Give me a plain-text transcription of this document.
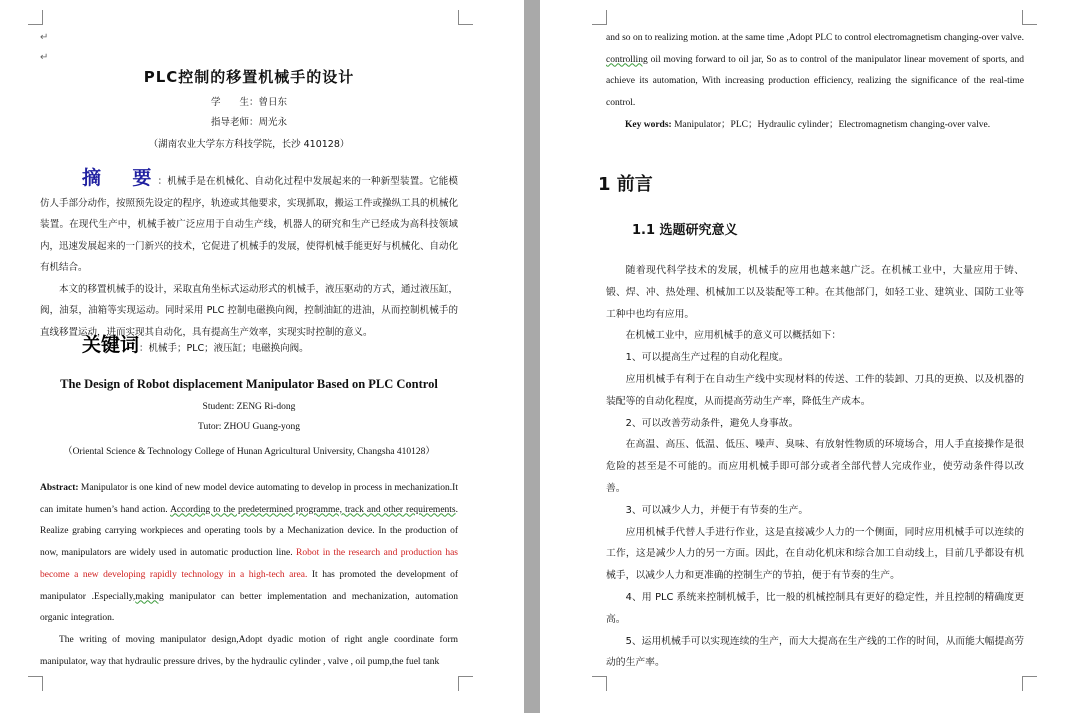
↵
↵
PLC控制的移置机械手的设计
学　　生：曾日东
指导老师：周光永
（湖南农业大学东方科技学院，长沙 410128）

摘　要：机械手是在机械化、自动化过程中发展起来的一种新型装置。它能模仿人手部分动作，按照预先设定的程序，轨迹或其他要求，实现抓取，搬运工件或操纵工具的机械化装置。在现代生产中，机械手被广泛应用于自动生产线，机器人的研究和生产已经成为高科技领域内，迅速发展起来的一门新兴的技术，它促进了机械手的发展，使得机械手能更好与机械化、自动化有机结合。

本文的移置机械手的设计，采取直角坐标式运动形式的机械手，液压驱动的方式，通过液压缸，阀，油泵，油箱等实现运动。同时采用 PLC 控制电磁换向阀，控制油缸的进油，从而控制机械手的直线移置运动，进而实现其自动化，具有提高生产效率，实现实时控制的意义。

关键词：机械手；PLC；液压缸；电磁换向阀。
The Design of Robot displacement Manipulator Based on PLC Control
Student: ZENG Ri-dong
Tutor: ZHOU Guang-yong
（Oriental Science & Technology College of Hunan Agricultural University, Changsha 410128）

Abstract: Manipulator is one kind of new model device automating to develop in process in mechanization.It can imitate humen’s hand action. According to the predetermined programme, track and other requirements. Realize grabing carrying workpieces and operating tools by a Mechanization device. In the production of now, manipulators are widely used in automatic production line. Robot in the research and production has become a new developing rapidly technology in a high-tech area. It has promoted the development of manipulator .Especially,making manipulator can better implementation and mechanization, automation organic integration.

The writing of moving manipulator design,Adopt dyadic motion of right angle coordinate form manipulator, way that hydraulic pressure drives, by the hydraulic cylinder , valve , oil pump,the fuel tank

and so on to realizing motion. at the same time ,Adopt PLC to control electromagnetism changing-over valve. controlling oil moving forward to oil jar, So as to control of the manipulator linear movement of sports, and achieve its automation, With increasing production efficiency, realizing the significance of the real-time control.

Key words: Manipulator；PLC；Hydraulic cylinder；Electromagnetism changing-over valve.

1 前言
1.1 选题研究意义

随着现代科学技术的发展，机械手的应用也越来越广泛。在机械工业中，大量应用于铸、锻、焊、冲、热处理、机械加工以及装配等工种。在其他部门，如轻工业、建筑业、国防工业等工种中也均有应用。

在机械工业中，应用机械手的意义可以概括如下：

1、可以提高生产过程的自动化程度。

应用机械手有利于在自动生产线中实现材料的传送、工件的装卸、刀具的更换、以及机器的装配等的自动化程度，从而提高劳动生产率，降低生产成本。

2、可以改善劳动条件，避免人身事故。

在高温、高压、低温、低压、噪声、臭味、有放射性物质的环境场合，用人手直接操作是很危险的甚至是不可能的。而应用机械手即可部分或者全部代替人完成作业，使劳动条件得以改善。

3、可以减少人力，并便于有节奏的生产。

应用机械手代替人手进行作业，这是直接减少人力的一个侧面，同时应用机械手可以连续的工作，这是减少人力的另一方面。因此，在自动化机床和综合加工自动线上，目前几乎都设有机械手，以减少人力和更准确的控制生产的节拍，便于有节奏的生产。

4、用 PLC 系统来控制机械手，比一般的机械控制具有更好的稳定性，并且控制的精确度更高。

5、运用机械手可以实现连续的生产，而大大提高在生产线的工作的时间，从而能大幅提高劳动的生产率。
